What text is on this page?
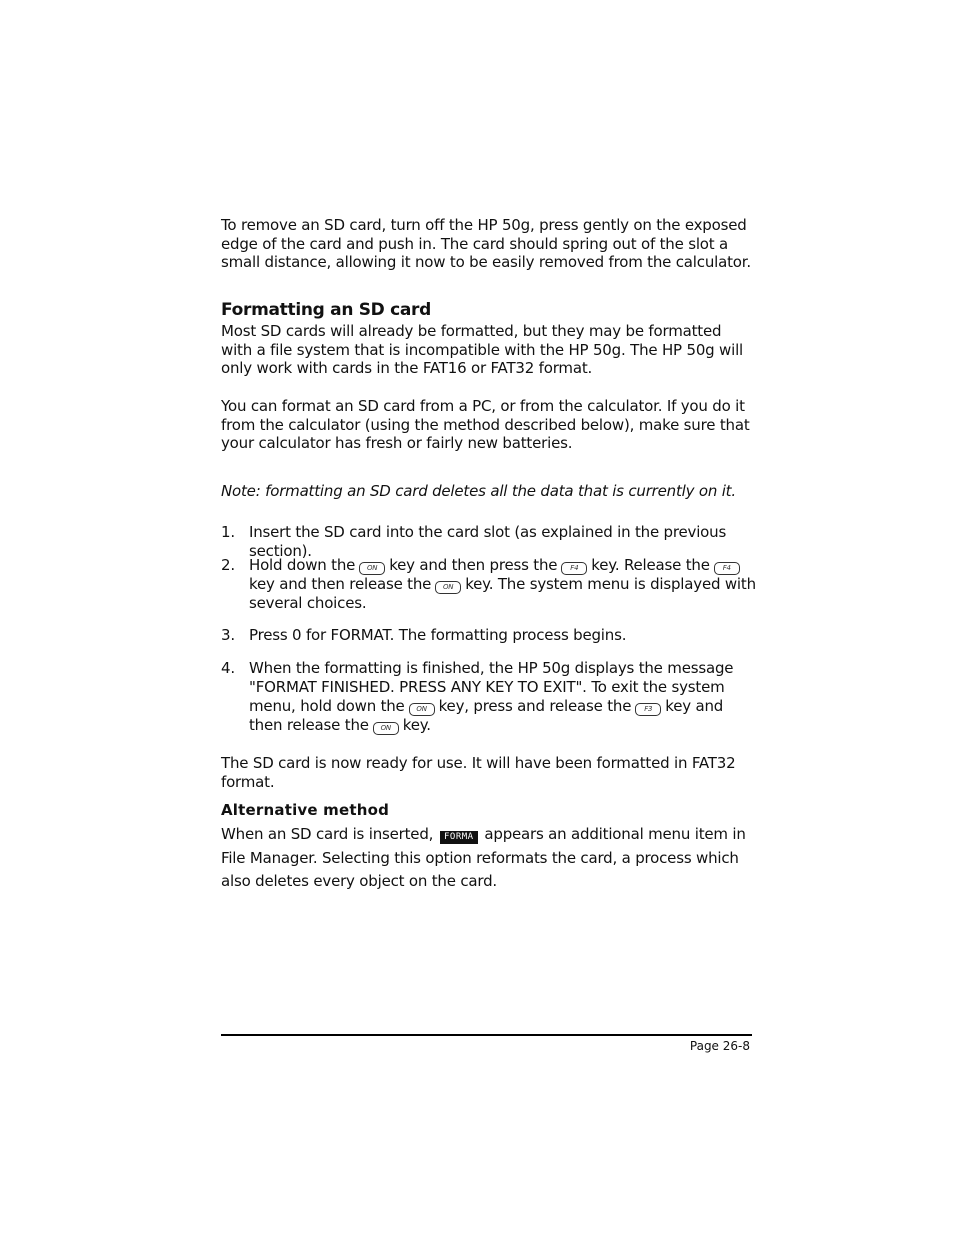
To remove an SD card, turn off the HP 50g, press gently on the exposed edge of the card and push in. The card should spring out of the slot a small distance, allowing it now to be easily removed from the calculator.

Formatting an SD card

Most SD cards will already be formatted, but they may be formatted with a file system that is incompatible with the HP 50g. The HP 50g will only work with cards in the FAT16 or FAT32 format.

You can format an SD card from a PC, or from the calculator. If you do it from the calculator (using the method described below), make sure that your calculator has fresh or fairly new batteries.

Note: formatting an SD card deletes all the data that is currently on it.

1. Insert the SD card into the card slot (as explained in the previous section).
2. Hold down the ON key and then press the F4 key. Release the F4key and then release the ON key. The system menu is displayed with several choices.
3. Press 0 for FORMAT. The formatting process begins.
4. When the formatting is finished, the HP 50g displays the message "FORMAT FINISHED. PRESS ANY KEY TO EXIT". To exit the system menu, hold down the ON key, press and release the F3 key and then release the ON key.

The SD card is now ready for use. It will have been formatted in FAT32 format.

Alternative method

When an SD card is inserted, FORMA appears an additional menu item in File Manager. Selecting this option reformats the card, a process which also deletes every object on the card.

Page 26-8
